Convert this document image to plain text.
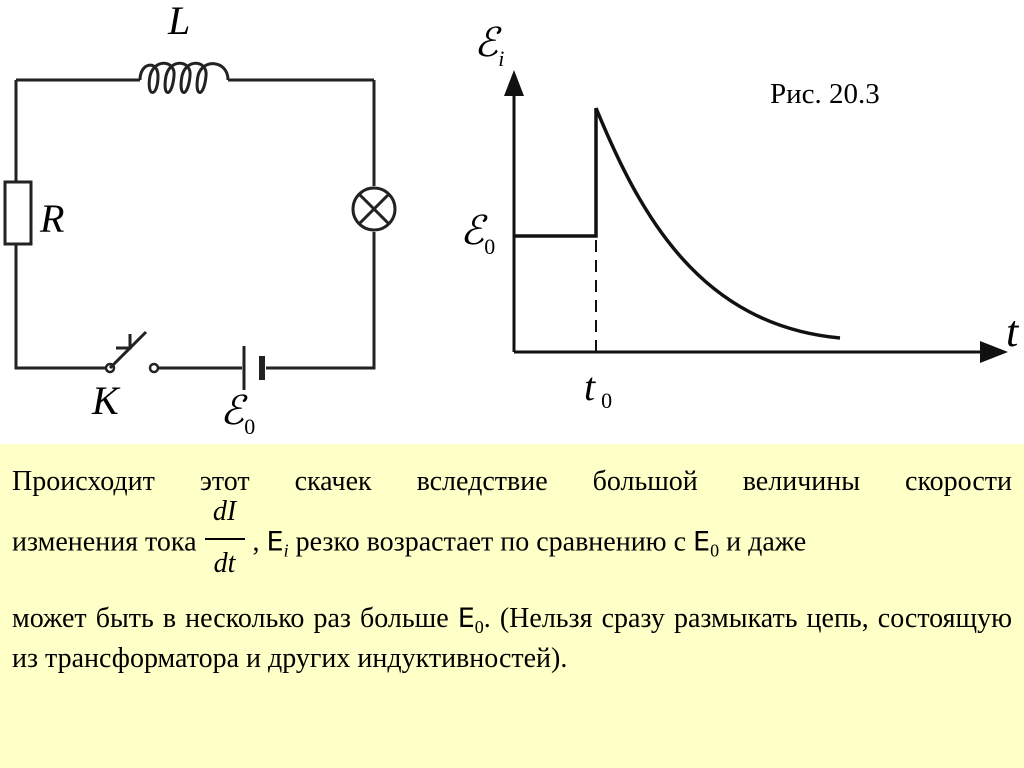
L
R
K	ℰ$_0$
ℰ$_i$
t
ℰ$_0$
t $_0$
Рис. 20.3
Происходит этот скачек вследствие большой величины скорости
изменения тока $\frac{dI}{dt}$ , $E_i$ резко возрастает по сравнению с $E_0$ и даже
может быть в несколько раз больше $E_0$. (Нельзя сразу размыкать цепь, состоящую из трансформатора и других индуктивностей).
